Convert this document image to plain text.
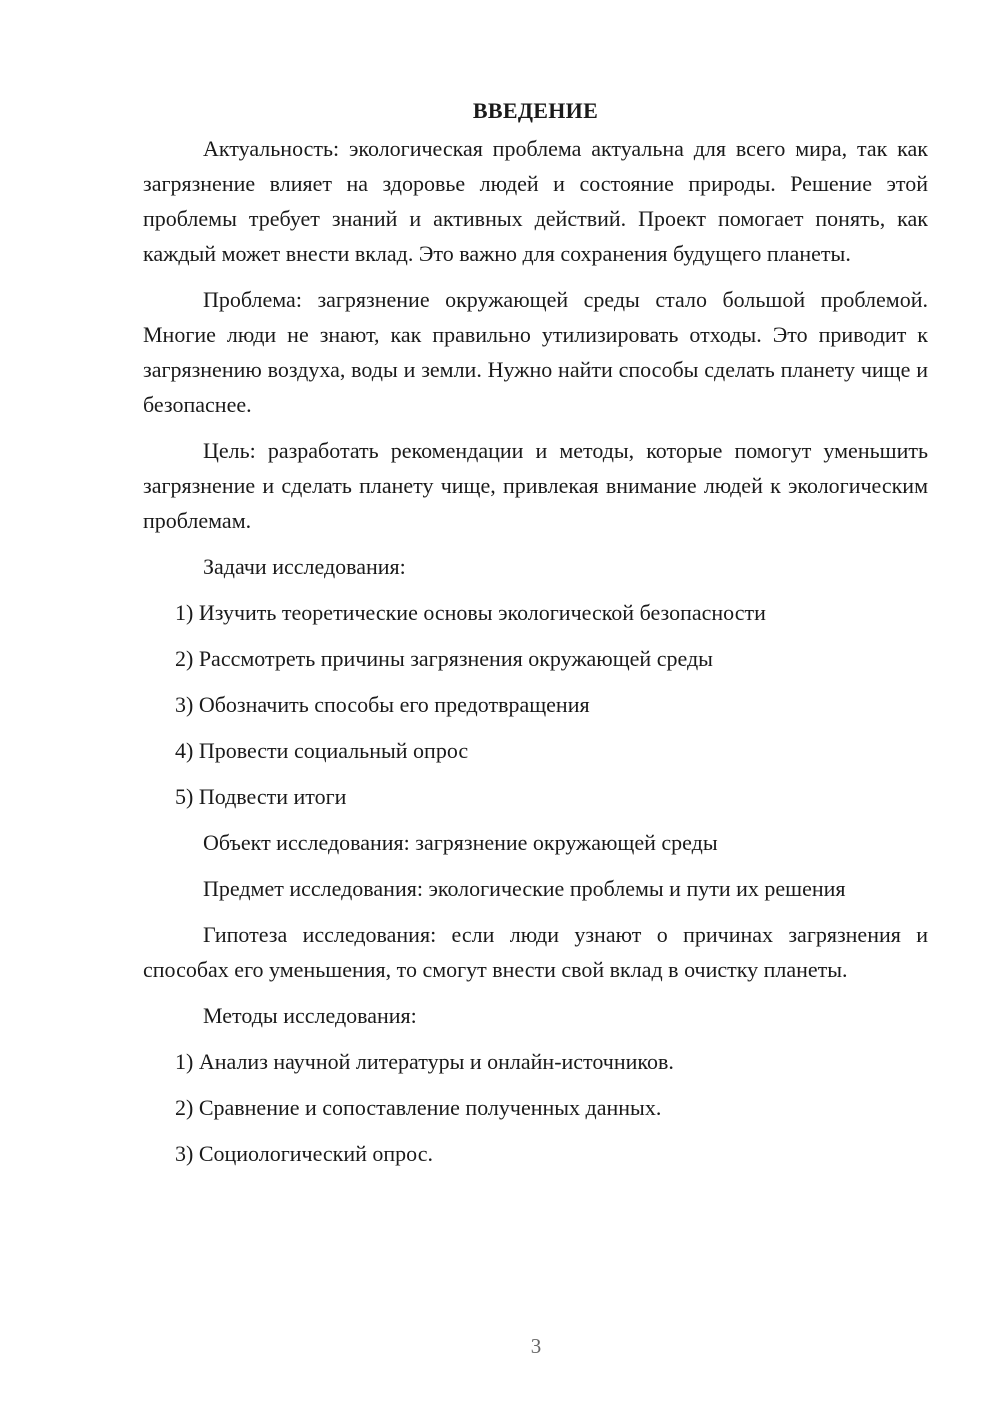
ВВЕДЕНИЕ

Актуальность: экологическая проблема актуальна для всего мира, так как загрязнение влияет на здоровье людей и состояние природы. Решение этой проблемы требует знаний и активных действий. Проект помогает понять, как каждый может внести вклад. Это важно для сохранения будущего планеты.

Проблема: загрязнение окружающей среды стало большой проблемой. Многие люди не знают, как правильно утилизировать отходы. Это приводит к загрязнению воздуха, воды и земли. Нужно найти способы сделать планету чище и безопаснее.

Цель: разработать рекомендации и методы, которые помогут уменьшить загрязнение и сделать планету чище, привлекая внимание людей к экологическим проблемам.

Задачи исследования:

1) Изучить теоретические основы экологической безопасности

2) Рассмотреть причины загрязнения окружающей среды

3) Обозначить способы его предотвращения

4) Провести социальный опрос

5) Подвести итоги

Объект исследования: загрязнение окружающей среды

Предмет исследования: экологические проблемы и пути их решения

Гипотеза исследования: если люди узнают о причинах загрязнения и способах его уменьшения, то смогут внести свой вклад в очистку планеты.

Методы исследования:

1) Анализ научной литературы и онлайн-источников.

2) Сравнение и сопоставление полученных данных.

3) Социологический опрос.

3
